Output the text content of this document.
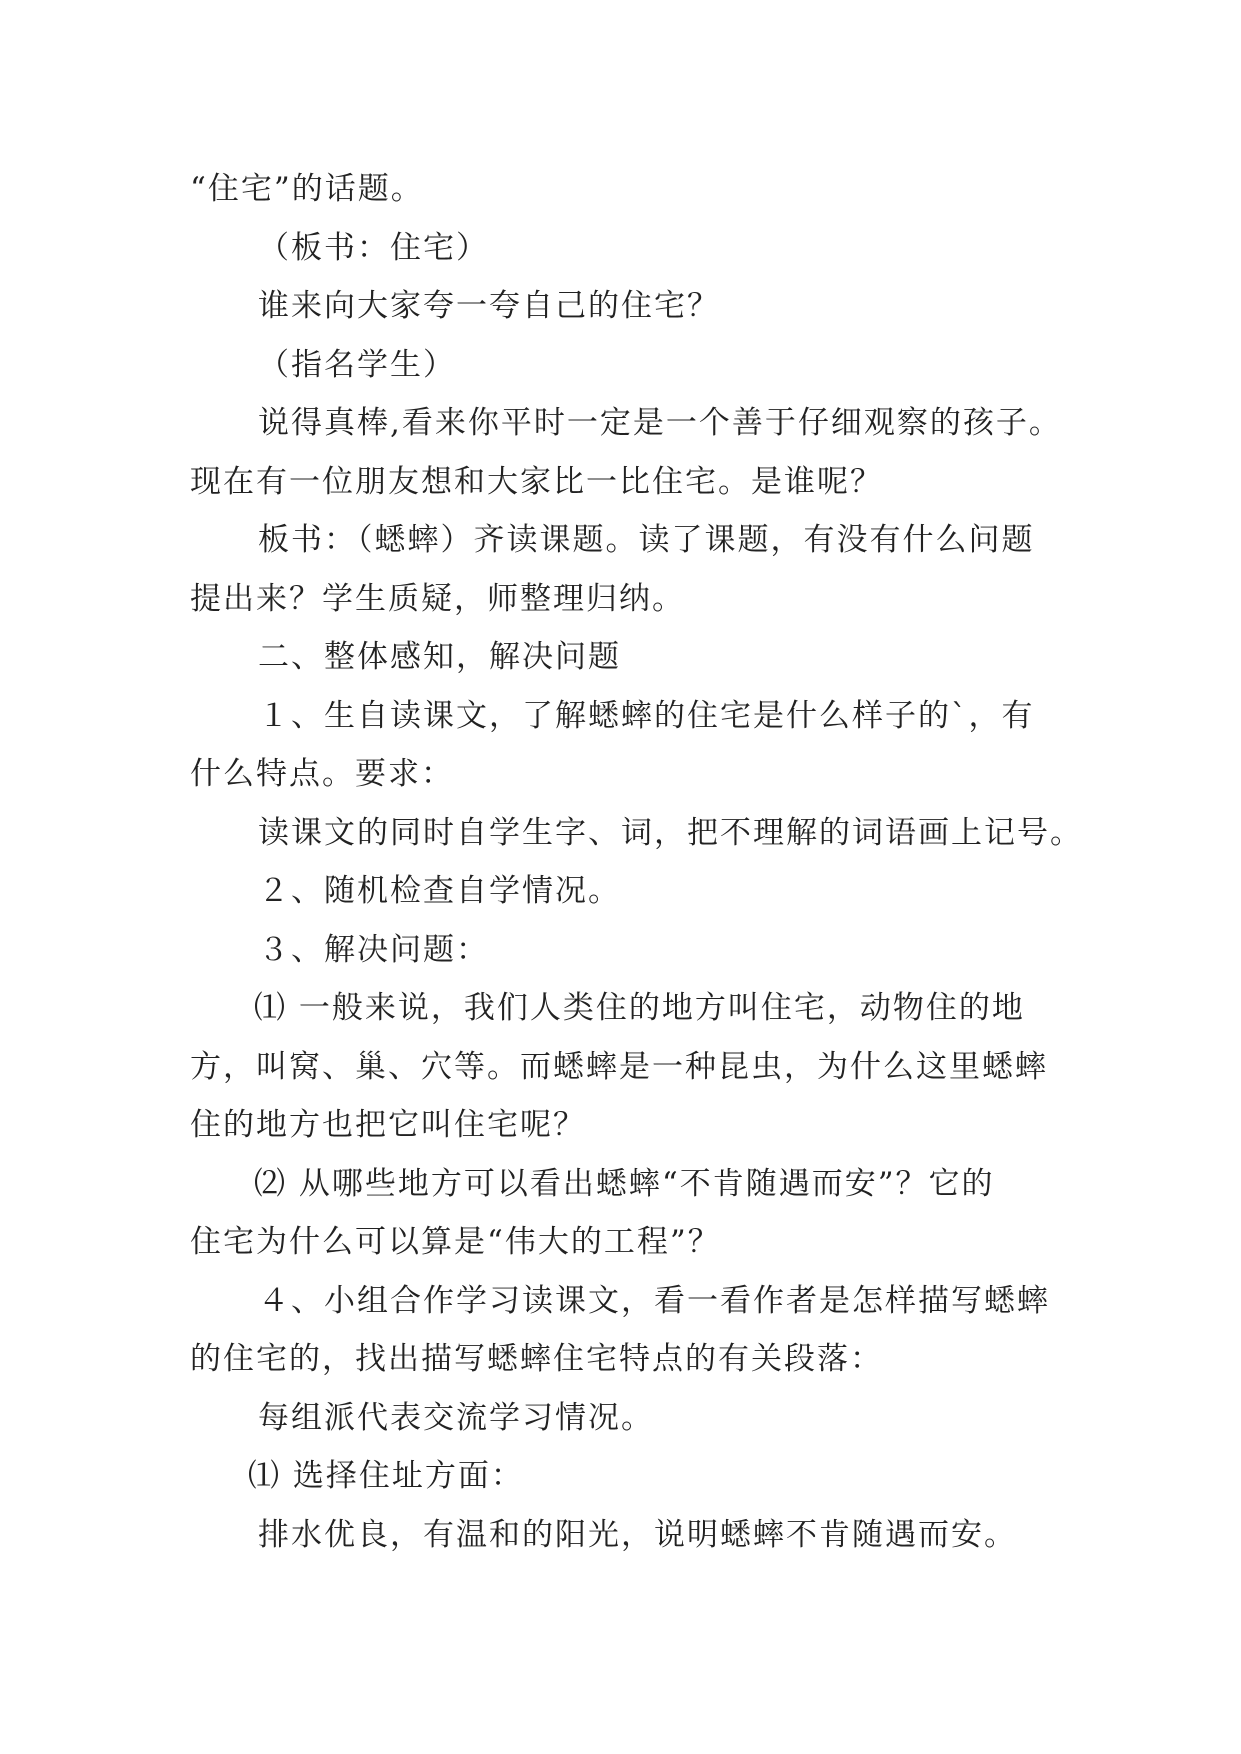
“住宅”的话题。
（板书：住宅）
谁来向大家夸一夸自己的住宅？
（指名学生）
说得真棒,看来你平时一定是一个善于仔细观察的孩子。
现在有一位朋友想和大家比一比住宅。是谁呢？
板书：（蟋蟀）齐读课题。读了课题，有没有什么问题
提出来？学生质疑，师整理归纳。
二、整体感知，解决问题
１、生自读课文，了解蟋蟀的住宅是什么样子的`，有
什么特点。要求：
读课文的同时自学生字、词，把不理解的词语画上记号。
２、随机检查自学情况。
３、解决问题：
⑴ 一般来说，我们人类住的地方叫住宅，动物住的地
方，叫窝、巢、穴等。而蟋蟀是一种昆虫，为什么这里蟋蟀
住的地方也把它叫住宅呢？
⑵ 从哪些地方可以看出蟋蟀“不肯随遇而安”？它的
住宅为什么可以算是“伟大的工程”？
４、小组合作学习读课文，看一看作者是怎样描写蟋蟀
的住宅的，找出描写蟋蟀住宅特点的有关段落：
每组派代表交流学习情况。
⑴ 选择住址方面：
排水优良，有温和的阳光，说明蟋蟀不肯随遇而安。
